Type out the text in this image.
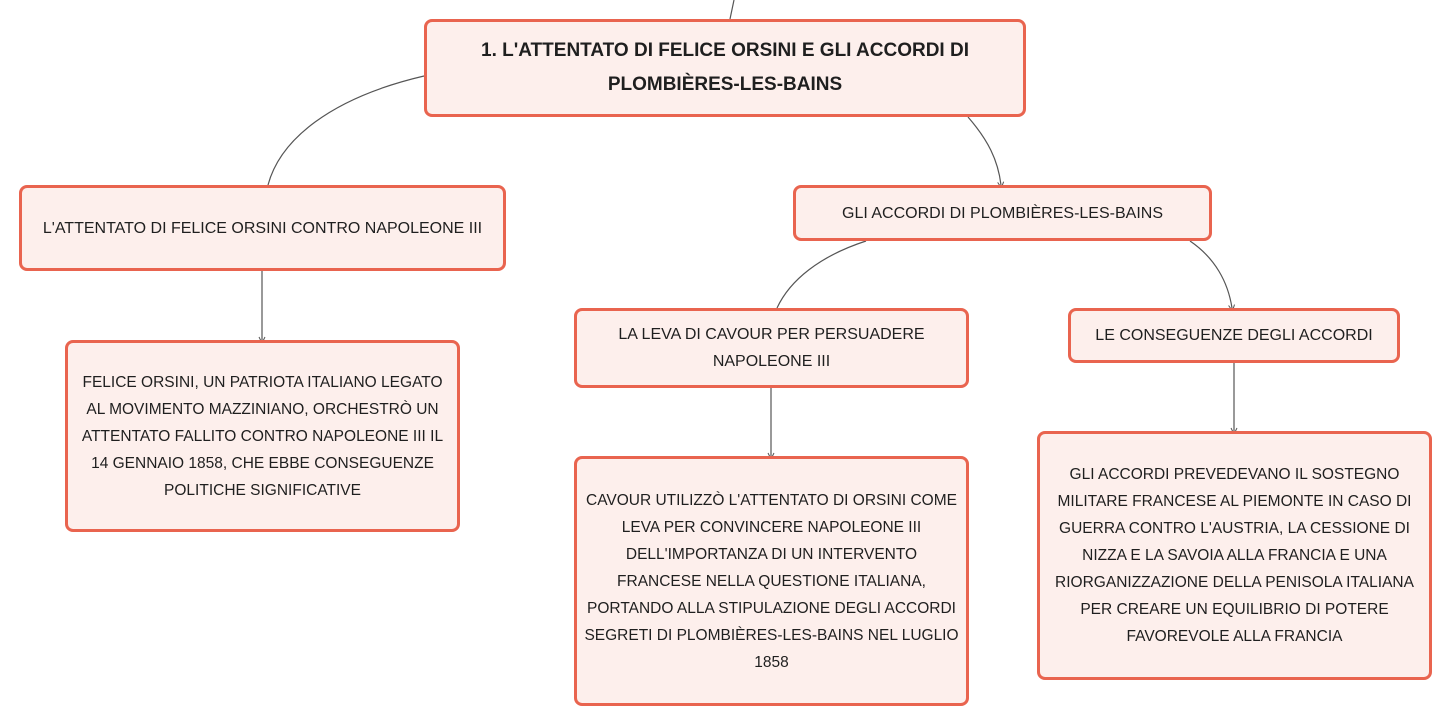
1. L'ATTENTATO DI FELICE ORSINI E GLI ACCORDI DI PLOMBIÈRES-LES-BAINS
L'ATTENTATO DI FELICE ORSINI CONTRO NAPOLEONE III
FELICE ORSINI, UN PATRIOTA ITALIANO LEGATO AL MOVIMENTO MAZZINIANO, ORCHESTRÒ UN ATTENTATO FALLITO CONTRO NAPOLEONE III IL 14 GENNAIO 1858, CHE EBBE CONSEGUENZE POLITICHE SIGNIFICATIVE
GLI ACCORDI DI PLOMBIÈRES-LES-BAINS
LA LEVA DI CAVOUR PER PERSUADERE NAPOLEONE III
CAVOUR UTILIZZÒ L'ATTENTATO DI ORSINI COME LEVA PER CONVINCERE NAPOLEONE III DELL'IMPORTANZA DI UN INTERVENTO FRANCESE NELLA QUESTIONE ITALIANA, PORTANDO ALLA STIPULAZIONE DEGLI ACCORDI SEGRETI DI PLOMBIÈRES-LES-BAINS NEL LUGLIO 1858
LE CONSEGUENZE DEGLI ACCORDI
GLI ACCORDI PREVEDEVANO IL SOSTEGNO MILITARE FRANCESE AL PIEMONTE IN CASO DI GUERRA CONTRO L'AUSTRIA, LA CESSIONE DI NIZZA E LA SAVOIA ALLA FRANCIA E UNA RIORGANIZZAZIONE DELLA PENISOLA ITALIANA PER CREARE UN EQUILIBRIO DI POTERE FAVOREVOLE ALLA FRANCIA
